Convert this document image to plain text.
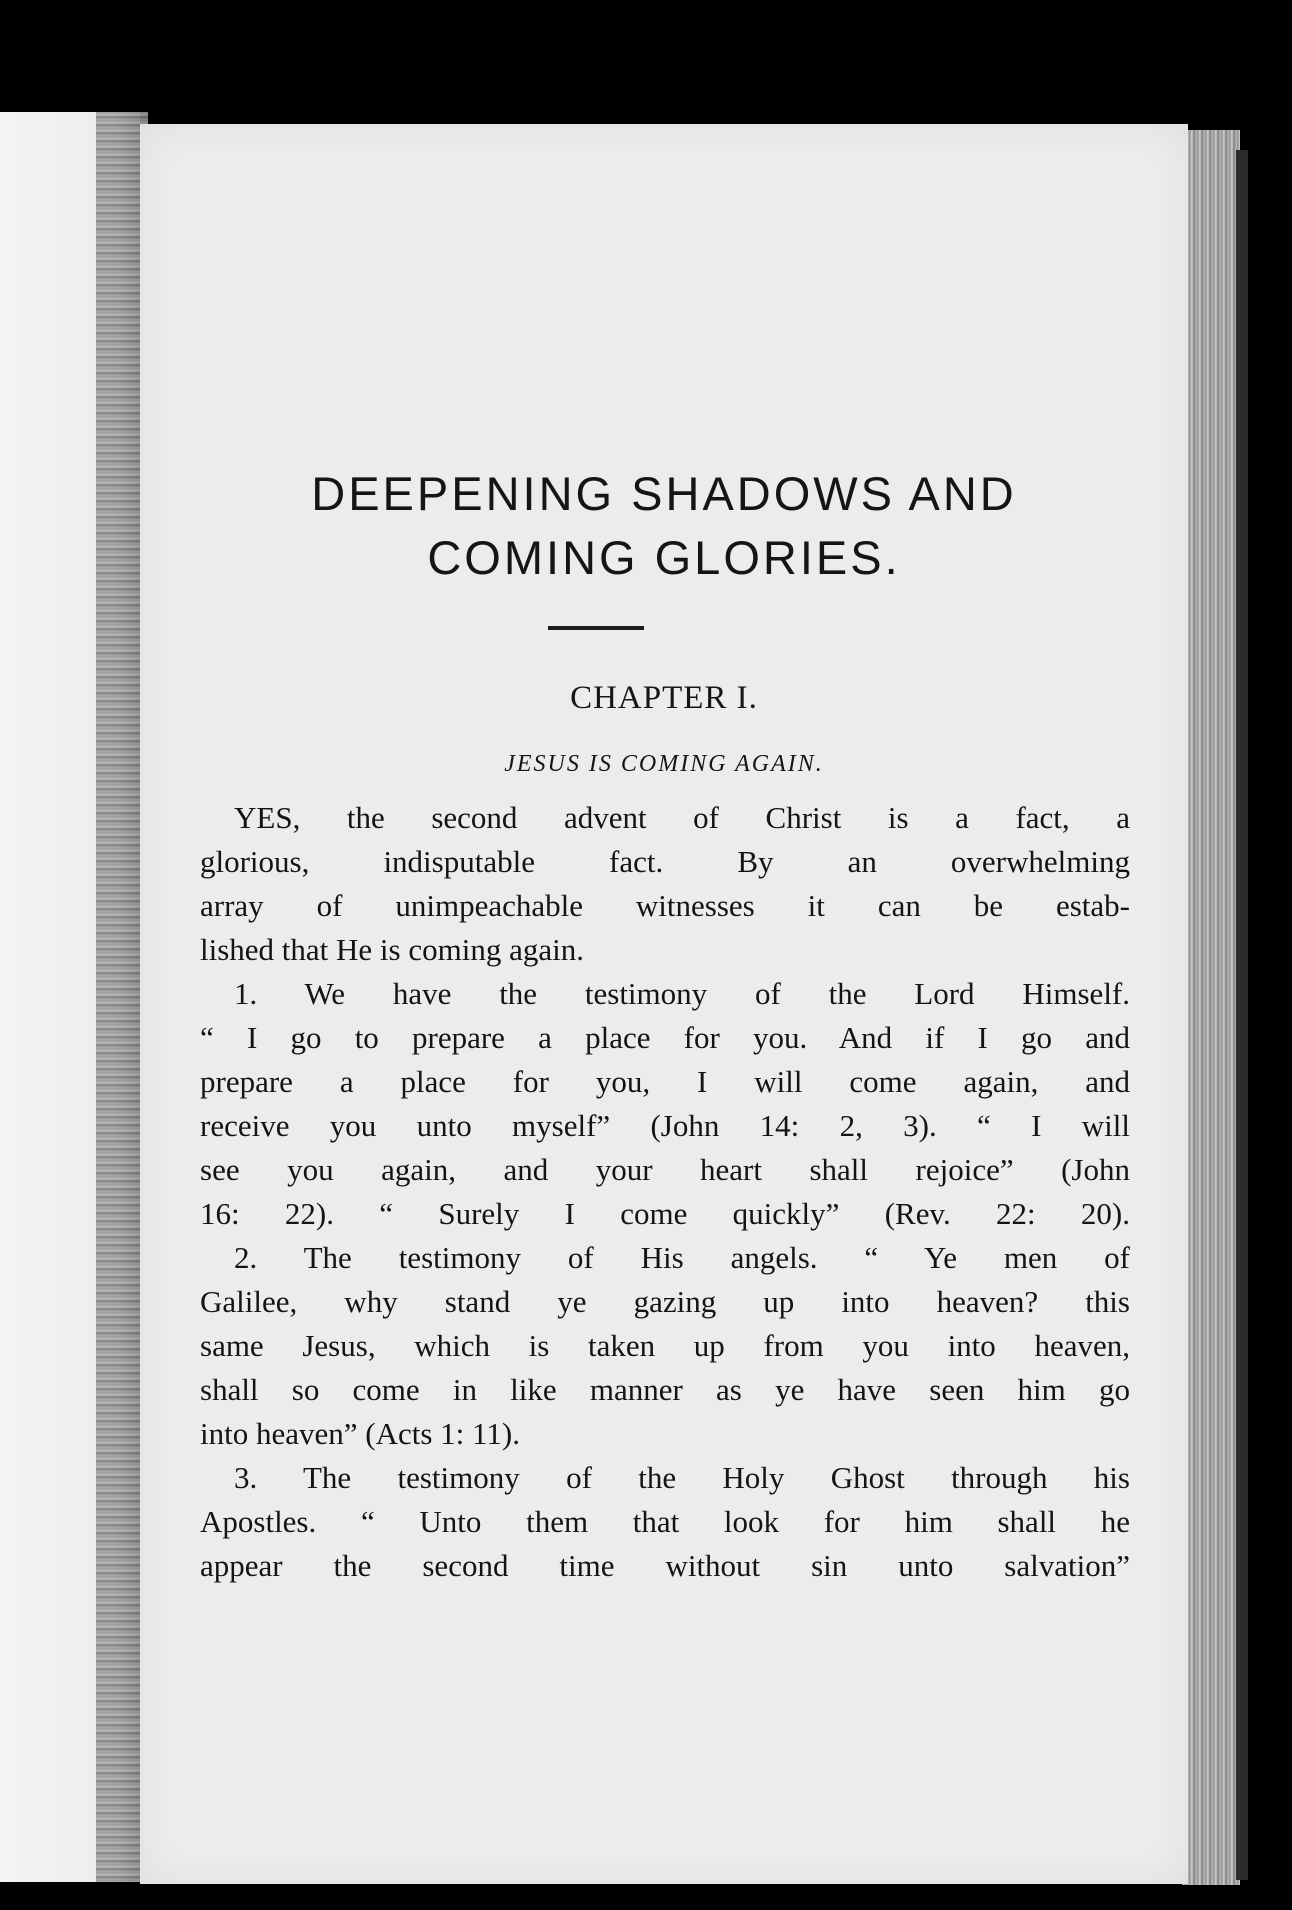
DEEPENING SHADOWS AND
COMING GLORIES.
CHAPTER I.
JESUS IS COMING AGAIN.
YES, the second advent of Christ is a fact, a
glorious, indisputable fact. By an overwhelming
array of unimpeachable witnesses it can be estab-
lished that He is coming again.
1. We have the testimony of the Lord Himself.
“ I go to prepare a place for you. And if I go and
prepare a place for you, I will come again, and
receive you unto myself” (John 14: 2, 3). “ I will
see you again, and your heart shall rejoice” (John
16: 22). “ Surely I come quickly” (Rev. 22: 20).
2. The testimony of His angels. “ Ye men of
Galilee, why stand ye gazing up into heaven? this
same Jesus, which is taken up from you into heaven,
shall so come in like manner as ye have seen him go
into heaven” (Acts 1: 11).
3. The testimony of the Holy Ghost through his
Apostles. “ Unto them that look for him shall he
appear the second time without sin unto salvation”
